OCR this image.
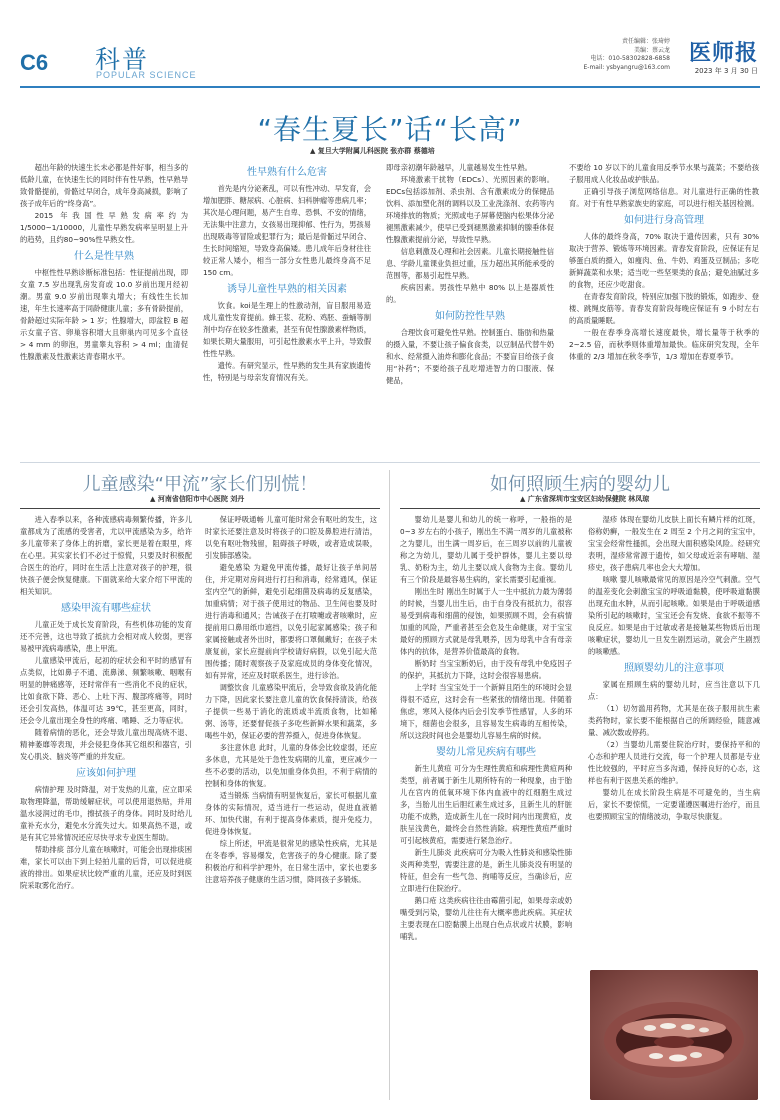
C6 科普
POPULAR SCIENCE
责任编辑：张琦婷
美编：蔡云龙
电话：010-58302828-6858
E-mail: ysbyangru@163.com
医师报
2023 年 3 月 30 日
“春生夏长”话“长高”
▲ 复旦大学附属儿科医院 张亦群 蔡德培

超出年龄的快速生长未必都是件好事，相当多的低龄儿童，在快速生长的同时伴有性早熟，性早熟导致骨骼提前，骨骼过早闭合，成年身高减损，影响了孩子成年后的“终身高”。

2015 年我国性早熟发病率约为 1/5000~1/10000，儿童性早熟发病率呈明显上升的趋势，且约80~90%性早熟女性。

什么是性早熟

中枢性性早熟诊断标准包括：性征提前出现，即女童 7.5 岁出现乳房发育或 10.0 岁前出现月经初潮。男童 9.0 岁前出现睾丸增大；有线性生长加速，年生长速率高于同龄健康儿童；多有骨龄提前，骨龄超过实际年龄 > 1 岁；性腺增大，即盆腔 B 超示女童子宫、卵巢容积增大且卵巢内可见多个直径 > 4 mm 的卵泡，男童睾丸容积 > 4 ml；血清促性腺激素及性激素达青春期水平。

性早熟有什么危害

首先是内分泌紊乱，可以有性冲动、早发育，会增加肥胖、糖尿病、心脏病、妇科肿瘤等患病几率；其次是心理问题，易产生自卑、恐惧、不安的情绪，无法集中注意力，女孩易出现抑郁、性行为，男孩易出现吸毒等冒险或犯罪行为；最后是骨骺过早闭合、生长时间缩短，导致身高偏矮。患儿成年后身材往往较正常人矮小，相当一部分女性患儿最终身高不足 150 cm。

诱导儿童性早熟的相关因素

饮食。koi是生理上的性激动剂，盲目服用易造成儿童性发育提前。蜂王浆、花粉、鸡胚、蚕蛹等制剂中均存在较多性激素，甚至有促性腺激素样物质，如果长期大量服用，可引起性激素水平上升，导致假性性早熟。

遗传。有研究显示，性早熟的发生具有家族遗传性，特别是与母亲发育情况有关。

即母亲初潮年龄越早，儿童越易发生性早熟。

环境激素干扰物（EDCs）、光照因素的影响。EDCs包括添加剂、杀虫剂、含有激素成分的保健品饮料、添加塑化剂的调料以及工业洗涤剂、农药等内环境排放的物质；光照或电子屏幕使脑内松果体分泌褪黑激素减少，使早已受到褪黑激素抑制的腺垂体促性腺激素提前分泌，导致性早熟。

信息刺激及心理和社会因素。儿童长期接触性信息、学龄儿童课业负担过重，压力超出其所能承受的范围等，都易引起性早熟。

疾病因素。男孩性早熟中 80% 以上是器质性的。

如何防控性早熟

合理饮食可避免性早熟。控制蛋白、脂肪和热量的摄入量，不要让孩子偏食食类，以豆制品代替牛奶和水、经常摄入油炸和膨化食品；不要盲目给孩子食用“补药”；不要给孩子乱吃增进智力的口服液、保健品，

不要给 10 岁以下的儿童食用反季节水果与蔬菜；不要给孩子服用成人化妆品或护肤品。

正确引导孩子浏览网络信息。对儿童进行正确的性教育。对于有性早熟家族史的家庭，可以进行相关基因检测。

如何进行身高管理

人体的最终身高，70% 取决于遗传因素，只有 30% 取决于营养、锻炼等环境因素。青春发育阶段，应保证有足够蛋白质的摄入，如瘦肉、鱼、牛奶、鸡蛋及豆制品；多吃新鲜蔬菜和水果；适当吃一些坚果类的食品；避免油腻过多的食物，还应少吃甜食。

在青春发育阶段，特别应加强下肢的锻炼，如跑步、登楼、跳绳皮筋等。青春发育阶段每晚应保证有 9 小时左右的高质量睡眠。

一般在春季身高增长速度最快，增长量等于秋季的 2~2.5 倍，而秋季则体重增加最快。临床研究发现，全年体重的 2/3 增加在秋冬季节，1/3 增加在春夏季节。

儿童感染“甲流”家长们别慌！
▲ 河南省信阳市中心医院 刘丹

进入春季以来，各种流感病毒频繁传播，许多儿童都成为了流感的受害者，尤以甲流感染为多，给许多儿童带来了身体上的折磨，家长更是着在眼里，疼在心里。其实家长们不必过于惊慌，只要及时积极配合医生的治疗，同时在生活上注意对孩子的护理，很快孩子便会恢复健康。下面就来给大家介绍下甲流的相关知识。

感染甲流有哪些症状

儿童正处于成长发育阶段，有些机体功能的发育还不完善，这也导致了抵抗力会相对成人较弱，更容易被甲流病毒感染，患上甲流。

儿童感染甲流后，起初的症状会和平时的感冒有点类似，比如鼻子不通、流鼻涕、频繁咳嗽、咽喉有明显的肿痛感等，还时常伴有一些消化不良的症状，比如食欲下降、恶心、上吐下泻、腹部疼痛等，同时还会引发高热，体温可达 39℃，甚至更高，同时，还会令儿童出现全身性的疼痛、嗜睡、乏力等症状。

随着病情的恶化，还会导致儿童出现高烧不退、精神萎靡等表现，并会侵犯身体其它组织和器官，引发心肌炎、脑炎等严重的并发症。

应该如何护理

病情护理 及时降温，对于发热的儿童，应立即采取物理降温，帮助缓解症状，可以使用退热贴，并用温水浸润过的毛巾，擦拭孩子的身体。同时及时给儿童补充水分，避免水分流失过大。如果高热不退，或是有其它异常情况还应尽快寻求专业医生帮助。

帮助排痰 部分儿童在咳嗽时，可能会出现排痰困难，家长可以由下到上轻拍儿童的后背，可以促进痰液的排出。如果症状比较严重的儿童，还应及时到医院采取雾化治疗。

保证呼吸通畅 儿童可能时常会有呕吐的发生，这时家长还要注意及时将孩子的口腔及鼻腔进行清洁，以免有呕吐物残留，阻碍孩子呼吸，或者造成误吸，引发肺部感染。

避免感染 为避免甲流传播，最好让孩子单间居住，并定期对房间进行打扫和消毒，经常通风，保证室内空气的新鲜，避免引起细菌及病毒的反复感染，加重病情；对于孩子使用过的物品、卫生间也要及时进行消毒和通风；告诫孩子在打喷嚏或者咳嗽时，应提前用口鼻用纸巾遮挡，以免引起家属感染；孩子和家属接触或者外出时，都要将口罩佩戴好；在孩子未康复前，家长应提前向学校请好病假，以免引起大范围传播；随时观察孩子及家庭成员的身体变化情况，如有异常，还应及时联系医生，进行诊治。

调整饮食 儿童感染甲流后，会导致食欲及消化能力下降，因此家长要注意儿童的饮食保持清淡，给孩子提供一些易于消化的流质或半流质食物，比如稀粥、汤等，还要督促孩子多吃些新鲜水果和蔬菜，多喝些牛奶，保证必要的营养摄入，促进身体恢复。

多注意休息 此时，儿童的身体会比较虚弱，还应多休息，尤其是处于急性发病期的儿童，更应减少一些不必要的活动，以免加重身体负担，不利于病情的控制和身体的恢复。

适当锻炼 当病情有明显恢复后，家长可根据儿童身体的实际情况，适当进行一些运动，促进血液循环、加快代谢，有利于提高身体素质，提升免疫力，促进身体恢复。

综上所述，甲流是很常见的感染性疾病，尤其是在冬春季，容易爆发，危害孩子的身心健康。除了要积极治疗和科学护理外，在日常生活中，家长也要多注意培养孩子健康的生活习惯，降同孩子多锻炼。

如何照顾生病的婴幼儿
▲ 广东省深圳市宝安区妇幼保健院 林凤琼

婴幼儿是婴儿和幼儿的统一称呼，一般指的是 0~3 岁左右的小孩子，刚出生不满一周岁的儿童被称之为婴儿，出生满一周岁后，在三周岁以前的儿童被称之为幼儿，婴幼儿属于受护群体，婴儿主要以母乳、奶粉为主，幼儿主要以成人食物为主食。婴幼儿有三个阶段是最容易生病的，家长需要引起重视。

刚出生时 刚出生时属于人一生中抵抗力最为薄弱的时候，当婴儿出生后，由于自身没有抵抗力，很容易受到病毒和细菌的侵蚀，如果照顾不周，会有病情加重的风险，严重者甚至会危及生命健康，对于宝宝最好的照顾方式就是母乳喂养，因为母乳中含有母亲体内的抗体，是营养价值最高的食物。

断奶时 当宝宝断奶后，由于没有母乳中免疫因子的保护，其抵抗力下降，这时会很容易患病。

上学时 当宝宝处于一个新鲜且陌生的环境时会显得很不适应，这时会有一些紧张的情绪出现。伴随着焦虑，寒风入侵体内后会引发季节性感冒，人多的环境下，细菌也会很多，且容易发生病毒的互相传染，所以这段时间也会是婴幼儿容易生病的时候。

婴幼儿常见疾病有哪些

新生儿黄疸 可分为生理性黄疸和病理性黄疸两种类型，前者属于新生儿期所特有的一种现象，由于胎儿在宫内的低氧环境下体内血液中的红细胞生成过多，当胎儿出生后胆红素生成过多，且新生儿的肝脏功能不成熟，造成新生儿在一段时间内出现黄疸，皮肤呈浅黄色，最终会自然性消除。病理性黄疸严重时可引起核黄疸，需要进行紧急治疗。

新生儿肺炎 此疾病可分为吸入性肺炎和感染性肺炎两种类型，需要注意的是，新生儿肺炎没有明显的特征，但会有一些气急、拘哺等反应，当确诊后，应立即进行住院治疗。

鹅口疮 这类疾病往往由霉菌引起，如果母亲或奶嘴受到污染，婴幼儿往往有大概率患此疾病。其症状主要表现在口腔黏膜上出现白色点状或片状膜，影响哺乳。

湿疹 体现在婴幼儿皮肤上面长有鳞片样的红斑，俗称奶癣，一般发生在 2 周至 2 个月之间的宝宝中，宝宝会经常性搔抓，会出现大面积感染风险。经研究表明，湿疹常常源于遗传，如父母或近亲有哮喘、湿疹史，孩子患病几率也会大大增加。

咳嗽 婴儿咳嗽最常见的原因是冷空气刺激。空气的温差变化会刺激宝宝的呼吸道黏膜，使呼吸道黏膜出现充血水肿，从而引起咳嗽。如果是由于呼吸道感染所引起的咳嗽时，宝宝还会有发烧、食欲不振等不良反应。如果是由于过敏或者是接触某些物质后出现咳嗽症状，婴幼儿一旦发生剧烈运动，就会产生剧烈的咳嗽感。

照顾婴幼儿的注意事项

家属在照顾生病的婴幼儿时，应当注意以下几点：

（1）切勿滥用药物，尤其是在孩子服用抗生素类药物时，家长要不能根据自己的所调经验，随意减量、减次数或停药。

（2）当婴幼儿需要住院治疗时，要保持平和的心态和护理人员进行交流，每一个护理人员都是专业性比较强的，平时应当多沟通，保持良好的心态，这样也有利于医患关系的维护。

婴幼儿在成长阶段生病是不可避免的，当生病后，家长不要惊慌，一定要谨遵医嘱进行治疗，而且也要照顾宝宝的情绪波动，争取尽快康复。
